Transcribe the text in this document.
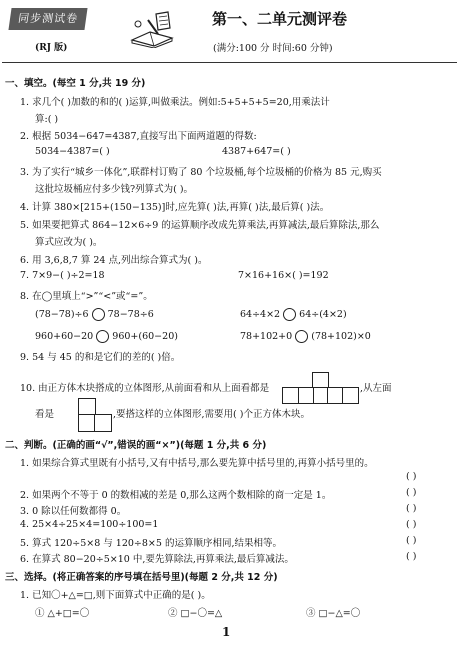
同步测试卷	第一、二单元测评卷
(RJ 版)	(满分:100 分 时间:60 分钟)
一、填空。(每空 1 分,共 19 分)
1. 求几个( )加数的和的( )运算,叫做乘法。例如:5+5+5+5=20,用乘法计
算:( )
2. 根据 5034−647=4387,直接写出下面两道题的得数:
5034−4387=( )	4387+647=( )
3. 为了实行“城乡一体化”,联群村订购了 80 个垃圾桶,每个垃圾桶的价格为 85 元,购买
这批垃圾桶应付多少钱?列算式为( )。
4. 计算 380×[215+(150−135)]时,应先算( )法,再算( )法,最后算( )法。
5. 如果要把算式 864−12×6÷9 的运算顺序改成先算乘法,再算减法,最后算除法,那么
算式应改为( )。
6. 用 3,6,8,7 算 24 点,列出综合算式为( )。
7. 7×9−( )÷2=18	7×16+16×( )=192
8. 在◯里填上“>”“<”或“=”。
(78−78)÷6 78−78÷6	64÷4×2 64÷(4×2)
960+60−20 960+(60−20)	78+102+0 (78+102)×0
9. 54 与 45 的和是它们的差的( )倍。
10. 由正方体木块搭成的立体图形,从前面看和从上面看都是	,从左面
看是	,要搭这样的立体图形,需要用( )个正方体木块。
二、判断。(正确的画“√”,错误的画“×”)(每题 1 分,共 6 分)
1. 如果综合算式里既有小括号,又有中括号,那么要先算中括号里的,再算小括号里的。
( )
2. 如果两个不等于 0 的数相减的差是 0,那么这两个数相除的商一定是 1。	( )
3. 0 除以任何数都得 0。	( )
4. 25×4÷25×4=100÷100=1	( )
5. 算式 120÷5×8 与 120÷8×5 的运算顺序相同,结果相等。	( )
6. 在算式 80−20÷5×10 中,要先算除法,再算乘法,最后算减法。	( )
三、选择。(将正确答案的序号填在括号里)(每题 2 分,共 12 分)
1. 已知〇+△=□,则下面算式中正确的是( )。
① △+□=〇	② □−〇=△	③ □−△=〇
1
